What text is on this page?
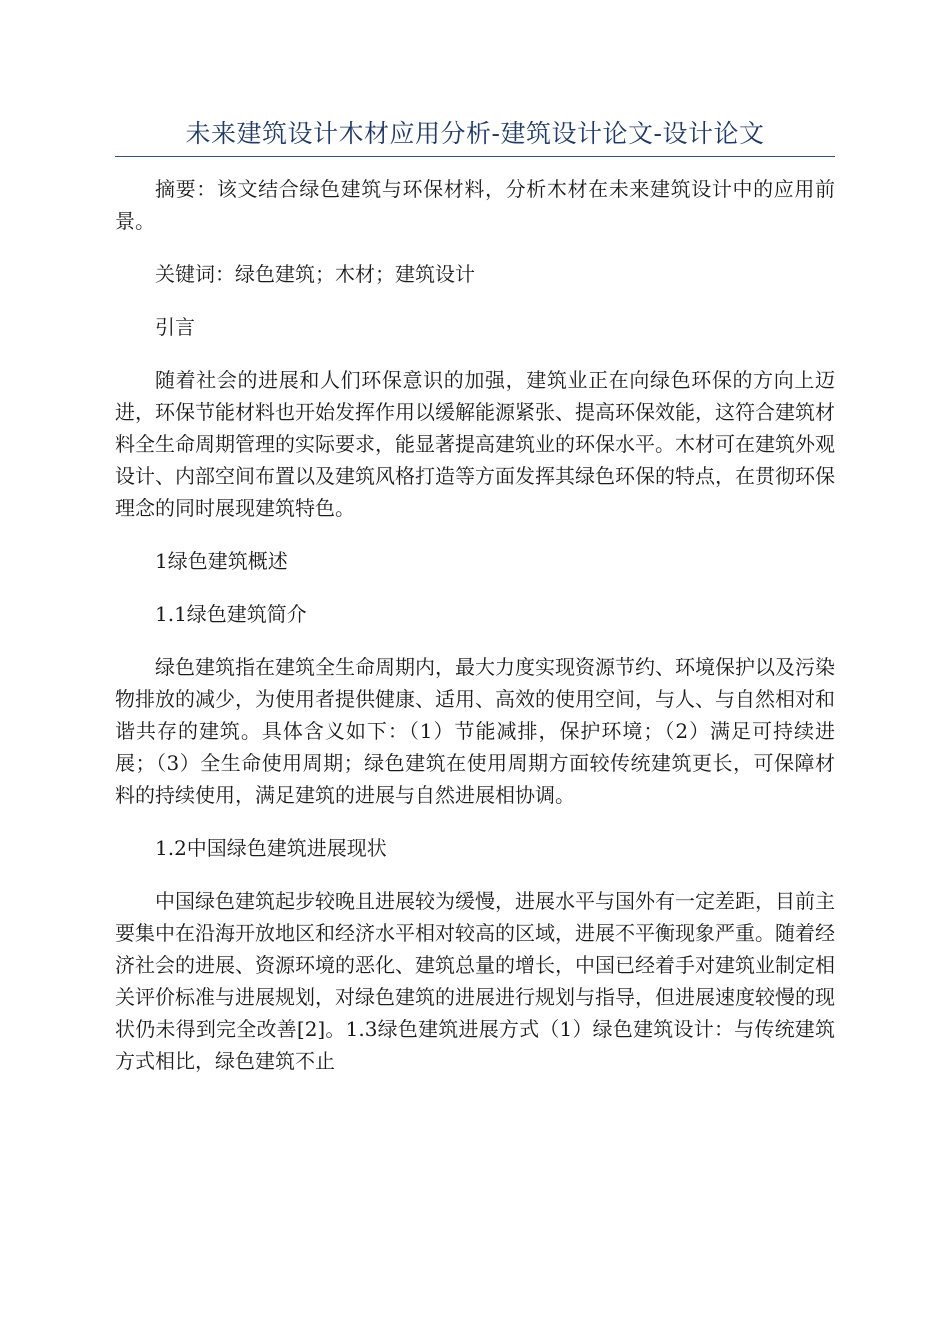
未来建筑设计木材应用分析-建筑设计论文-设计论文

摘要：该文结合绿色建筑与环保材料，分析木材在未来建筑设计中的应用前景。

关键词：绿色建筑；木材；建筑设计

引言

随着社会的进展和人们环保意识的加强，建筑业正在向绿色环保的方向上迈进，环保节能材料也开始发挥作用以缓解能源紧张、提高环保效能，这符合建筑材料全生命周期管理的实际要求，能显著提高建筑业的环保水平。木材可在建筑外观设计、内部空间布置以及建筑风格打造等方面发挥其绿色环保的特点，在贯彻环保理念的同时展现建筑特色。

1绿色建筑概述

1.1绿色建筑简介

绿色建筑指在建筑全生命周期内，最大力度实现资源节约、环境保护以及污染物排放的减少，为使用者提供健康、适用、高效的使用空间，与人、与自然相对和谐共存的建筑。具体含义如下：（1）节能减排，保护环境；（2）满足可持续进展；（3）全生命使用周期；绿色建筑在使用周期方面较传统建筑更长，可保障材料的持续使用，满足建筑的进展与自然进展相协调。

1.2中国绿色建筑进展现状

中国绿色建筑起步较晚且进展较为缓慢，进展水平与国外有一定差距，目前主要集中在沿海开放地区和经济水平相对较高的区域，进展不平衡现象严重。随着经济社会的进展、资源环境的恶化、建筑总量的增长，中国已经着手对建筑业制定相关评价标准与进展规划，对绿色建筑的进展进行规划与指导，但进展速度较慢的现状仍未得到完全改善[2]。1.3绿色建筑进展方式（1）绿色建筑设计：与传统建筑方式相比，绿色建筑不止
